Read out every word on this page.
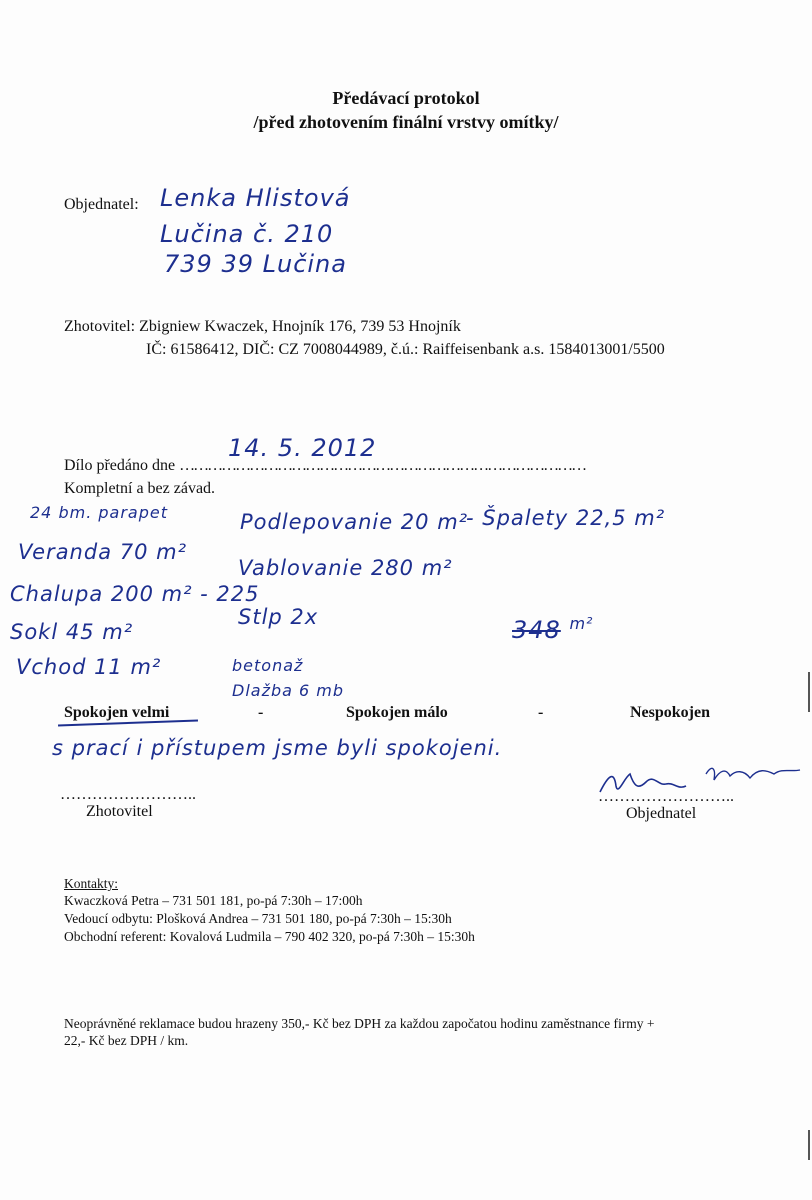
Předávací protokol
/před zhotovením finální vrstvy omítky/
Objednatel: Lenka Hlistová
Lučina č. 210
739 39 Lučina
Zhotovitel: Zbigniew Kwaczek, Hnojník 176, 739 53 Hnojník
IČ: 61586412, DIČ: CZ 7008044989, č.ú.: Raiffeisenbank a.s. 1584013001/5500
Dílo předáno dne ……………………………………………………………………………
14. 5. 2012
Kompletní a bez závad.
24 bm. parapet
Veranda 70 m²
Chalupa 200 m² - 225
Sokl 45 m²
Vchod 11 m²
Podlepovanie 20 m²
Vablovanie 280 m²
Stlp 2x
betonaž
Dlažba 6 mb
- Špalety 22,5 m²
348 $^{m^2}$
Spokojen velmi	-	Spokojen málo	-	Nespokojen
s prací i přístupem jsme byli spokojeni.
……………………..
Zhotovitel
……………………..
Objednatel
Kontakty:
Kwaczková Petra – 731 501 181, po-pá 7:30h – 17:00h
Vedoucí odbytu: Plošková Andrea – 731 501 180, po-pá 7:30h – 15:30h
Obchodní referent: Kovalová Ludmila – 790 402 320, po-pá 7:30h – 15:30h
Neoprávněné reklamace budou hrazeny 350,- Kč bez DPH za každou započatou hodinu zaměstnance firmy +
22,- Kč bez DPH / km.
